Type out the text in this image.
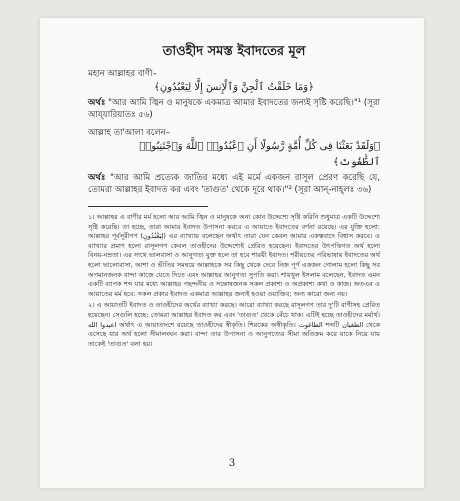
তাওহীদ সমস্ত ইবাদতের মূল
মহান আল্লাহর বাণী–
﴿وَمَا خَلَقْتُ ٱلْجِنَّ وَٱلْإِنسَ إِلَّا لِيَعْبُدُونِ﴾
অর্থঃ "আর আমি জ্বিন ও মানুষকে একমাত্র আমার ইবাদতের জন্যই সৃষ্টি করেছি।"¹ (সূরা আয্‌যারিয়াতঃ ৫৬)
আল্লাহ তা'আলা বলেন–
﴿وَلَقَدْ بَعَثْنَا فِى كُلِّ أُمَّةٍ رَّسُولًا أَنِ ٱعْبُدُوا۟ ٱللَّهَ وَٱجْتَنِبُوا۟
ٱلطَّٰغُوتَ﴾
অর্থঃ "আর আমি প্রত্যেক জাতির মধ্যে এই মর্মে একজন রাসূল প্রেরণ করেছি যে, তোমরা আল্লাহর ইবাদত কর এবং 'তাগুত' থেকে দূরে থাক।"² (সূরা আন্-নাহ্‌লঃ ৩৬)

১। আল্লাহর এ বাণীর মর্ম হলো আর আমি জ্বিন ও মানুষকে অন্য কোন উদ্দেশ্যে সৃষ্টি করিনি শুধুমাত্র একটি উদ্দেশ্যে সৃষ্টি করেছি। তা হচ্ছে, তারা আমার ইবাদত উপাসনা করবে এ আয়াতে ইবাদতের বর্ণনা রয়েছে। এর যুক্তি হলো: আল্লাহর পূর্বসূরীগণ (لِيَعْبُدُونِ) এর ব্যাখ্যায় বলেছেন অর্থাৎ তারা যেন কেবল আমার একত্ববাদে বিশ্বাস করবে। এ ব্যাখ্যার প্রমাণ হলো রাসূলগণ কেবল তাওহীদের উদ্দেশ্যেই প্রেরিত হয়েছেন। ইবাদতের উৎপত্তিগত অর্থ হলো বিনয়-নম্রতা। এর সাথে ভালবাসা ও আনুগত্য যুক্ত হলে তা হবে শারয়ী ইবাদত। শরীয়তের পরিভাষায় ইবাদতের অর্থ হলো ভালোবাসা, আশা ও ভীতির সমন্বয়ে আল্লাহকে সব কিছু থেকে দেবে নিজ পূর্ণ একজন গোলাম হলো কিছু সব অপমানজনক বান্দা কাজে যেতে দিতে এবং আল্লাহর আনুগত্য সুপতি করা। শায়খুল ইসলাম বলেছেন, ইবাদত এমন একটি ব্যাপক শব্দ যার মধ্যে আল্লাহর পছন্দনীয় ও সন্তোষজনক সকল প্রকাশ্য ও অপ্রকাশ্য কথা ও কাজ। অতএব এ আয়াতের মর্ম হবে: সকল প্রকার ইবাদত একমাত্র আল্লাহর জন্যই হওয়া ওয়াজিব; অন্য কারো জন্য নয়।

২। এ আয়াতটি ইবাদত ও তাওহীদের অর্থের ব্যাখ্যা করছে। আরো ব্যাখ্যা করছে রাসূলগণ তার দু'টি বাণীসহ প্রেরিত হয়েছেন। সেগুলি হচ্ছে: তোমরা আল্লাহর ইবাদত কর এবং 'তাগুত' থেকে বেঁচে থাক। এটিই হচ্ছে তাওহীদের মর্মার্থ। اعبدوا الله অর্থাৎ এ আয়াতাংশে রয়েছে তাওহীদের স্বীকৃতি। শিরকের অস্বীকৃতি। الطاغوت শব্দটি الطغيان থেকে এসেছে যার অর্থ হলো সীমালংঘন করা। বান্দা তার উপাসনা ও আনুগত্যের সীমা অতিক্রম করে যাকে নিয়ে যায় তাকেই 'তাগুত' বলা হয়।

3
